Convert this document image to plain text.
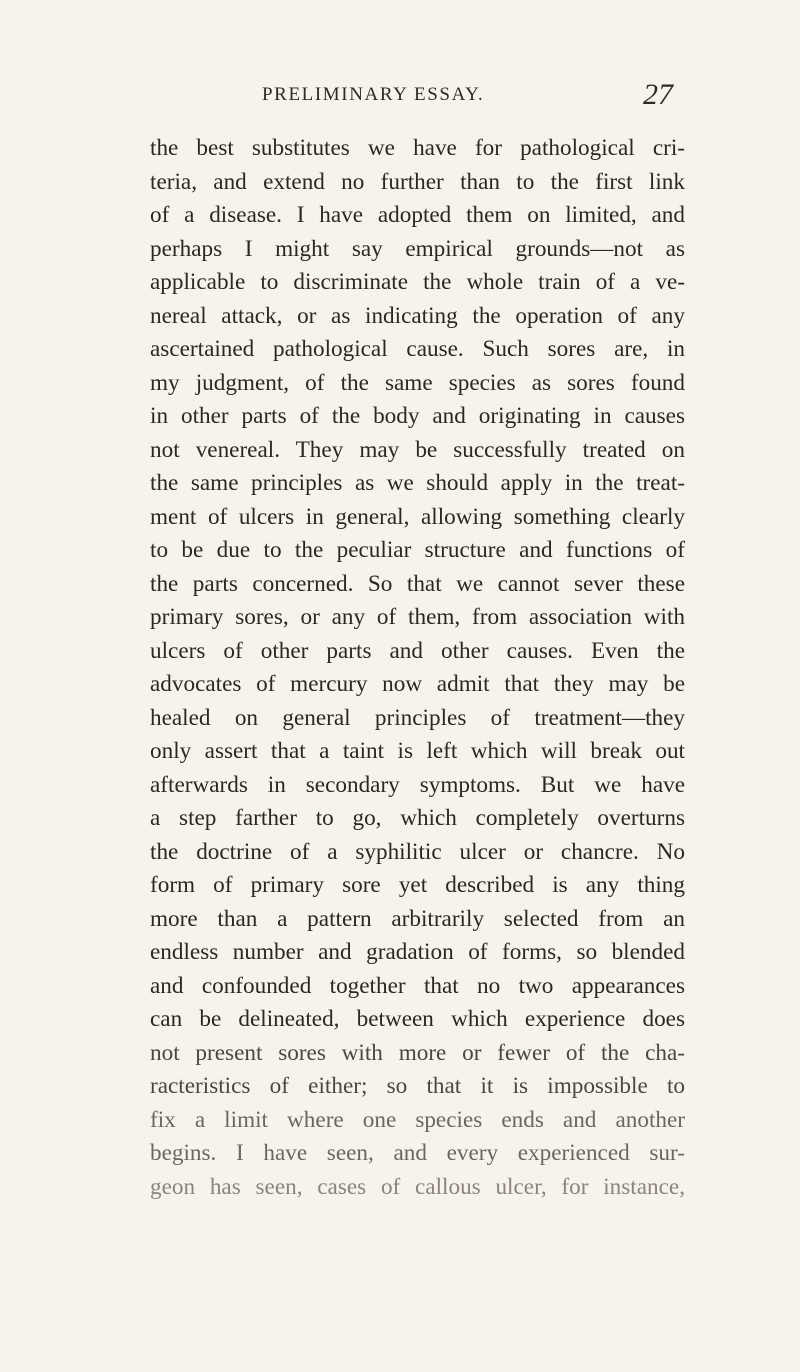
PRELIMINARY ESSAY.	27
the best substitutes we have for pathological cri-
teria, and extend no further than to the first link
of a disease. I have adopted them on limited, and
perhaps I might say empirical grounds—not as
applicable to discriminate the whole train of a ve-
nereal attack, or as indicating the operation of any
ascertained pathological cause. Such sores are, in
my judgment, of the same species as sores found
in other parts of the body and originating in causes
not venereal. They may be successfully treated on
the same principles as we should apply in the treat-
ment of ulcers in general, allowing something clearly
to be due to the peculiar structure and functions of
the parts concerned. So that we cannot sever these
primary sores, or any of them, from association with
ulcers of other parts and other causes. Even the
advocates of mercury now admit that they may be
healed on general principles of treatment—they
only assert that a taint is left which will break out
afterwards in secondary symptoms. But we have
a step farther to go, which completely overturns
the doctrine of a syphilitic ulcer or chancre. No
form of primary sore yet described is any thing
more than a pattern arbitrarily selected from an
endless number and gradation of forms, so blended
and confounded together that no two appearances
can be delineated, between which experience does
not present sores with more or fewer of the cha-
racteristics of either; so that it is impossible to
fix a limit where one species ends and another
begins. I have seen, and every experienced sur-
geon has seen, cases of callous ulcer, for instance,
